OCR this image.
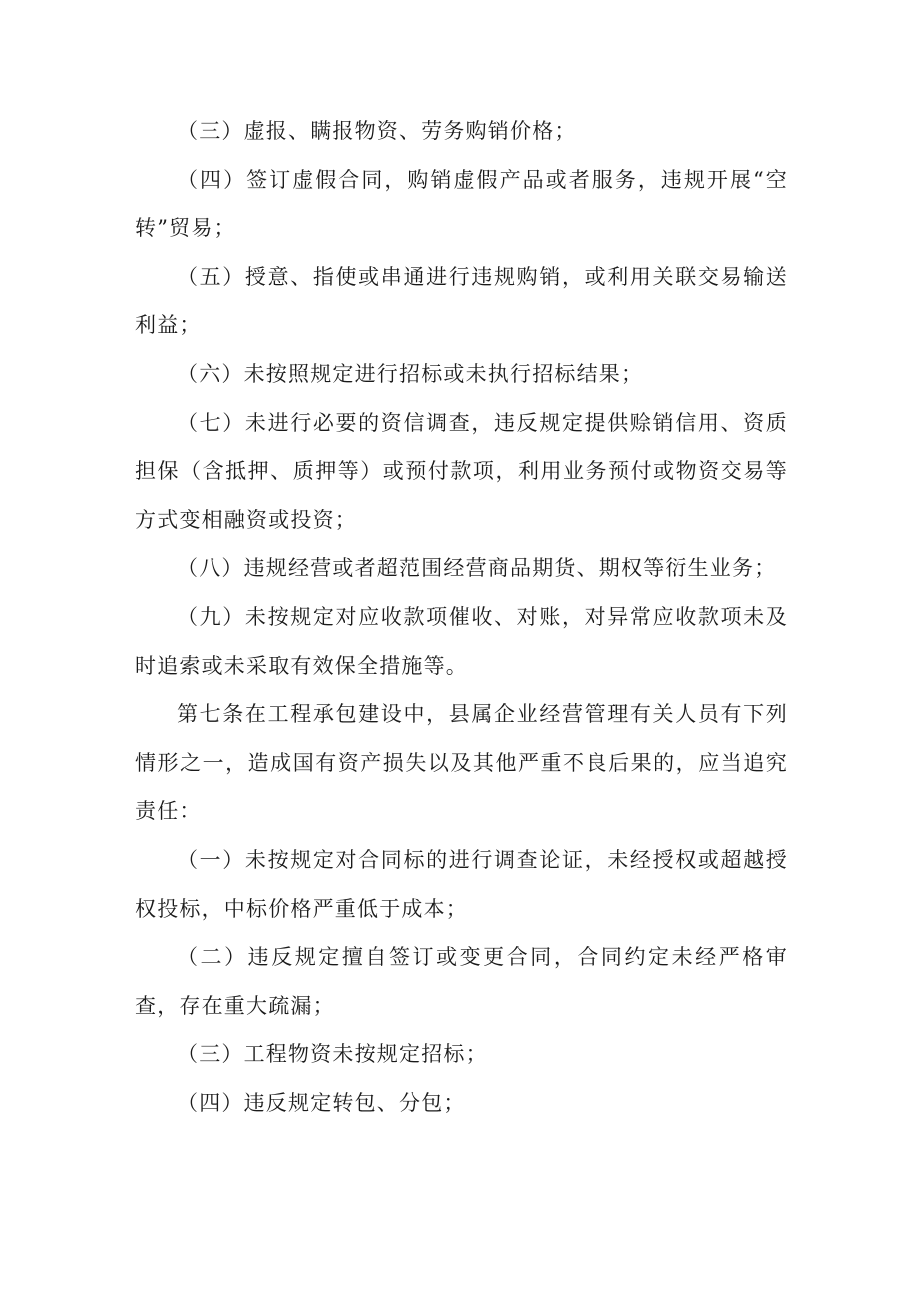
（三）虚报、瞒报物资、劳务购销价格；

（四）签订虚假合同，购销虚假产品或者服务，违规开展“空转”贸易；

（五）授意、指使或串通进行违规购销，或利用关联交易输送利益；

（六）未按照规定进行招标或未执行招标结果；

（七）未进行必要的资信调查，违反规定提供赊销信用、资质担保（含抵押、质押等）或预付款项，利用业务预付或物资交易等方式变相融资或投资；

（八）违规经营或者超范围经营商品期货、期权等衍生业务；

（九）未按规定对应收款项催收、对账，对异常应收款项未及时追索或未采取有效保全措施等。

第七条在工程承包建设中，县属企业经营管理有关人员有下列情形之一，造成国有资产损失以及其他严重不良后果的，应当追究责任：

（一）未按规定对合同标的进行调查论证，未经授权或超越授权投标，中标价格严重低于成本；

（二）违反规定擅自签订或变更合同，合同约定未经严格审查，存在重大疏漏；

（三）工程物资未按规定招标；

（四）违反规定转包、分包；
